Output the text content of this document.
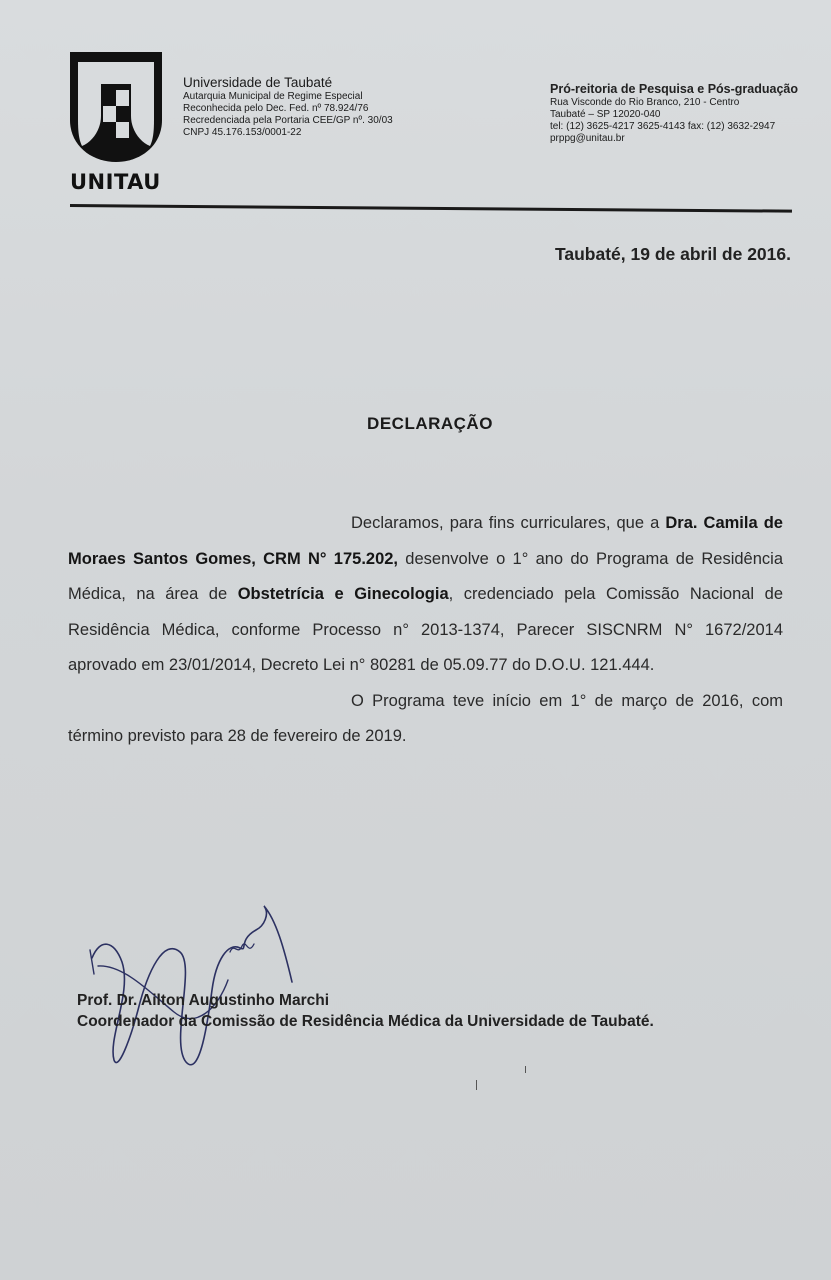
UNITAU
Universidade de Taubaté
Autarquia Municipal de Regime Especial
Reconhecida pelo Dec. Fed. nº 78.924/76
Recredenciada pela Portaria CEE/GP nº. 30/03
CNPJ 45.176.153/0001-22
Pró-reitoria de Pesquisa e Pós-graduação
Rua Visconde do Rio Branco, 210 - Centro
Taubaté – SP 12020-040
tel: (12) 3625-4217 3625-4143 fax: (12) 3632-2947
prppg@unitau.br
Taubaté, 19 de abril de 2016.
DECLARAÇÃO

Declaramos, para fins curriculares, que a Dra. Camila de Moraes Santos Gomes, CRM N° 175.202, desenvolve o 1° ano do Programa de Residência Médica, na área de Obstetrícia e Ginecologia, credenciado pela Comissão Nacional de Residência Médica, conforme Processo n° 2013-1374, Parecer SISCNRM N° 1672/2014 aprovado em 23/01/2014, Decreto Lei n° 80281 de 05.09.77 do D.O.U. 121.444.

O Programa teve início em 1° de março de 2016, com término previsto para 28 de fevereiro de 2019.

Prof. Dr. Ailton Augustinho Marchi
Coordenador da Comissão de Residência Médica da Universidade de Taubaté.
